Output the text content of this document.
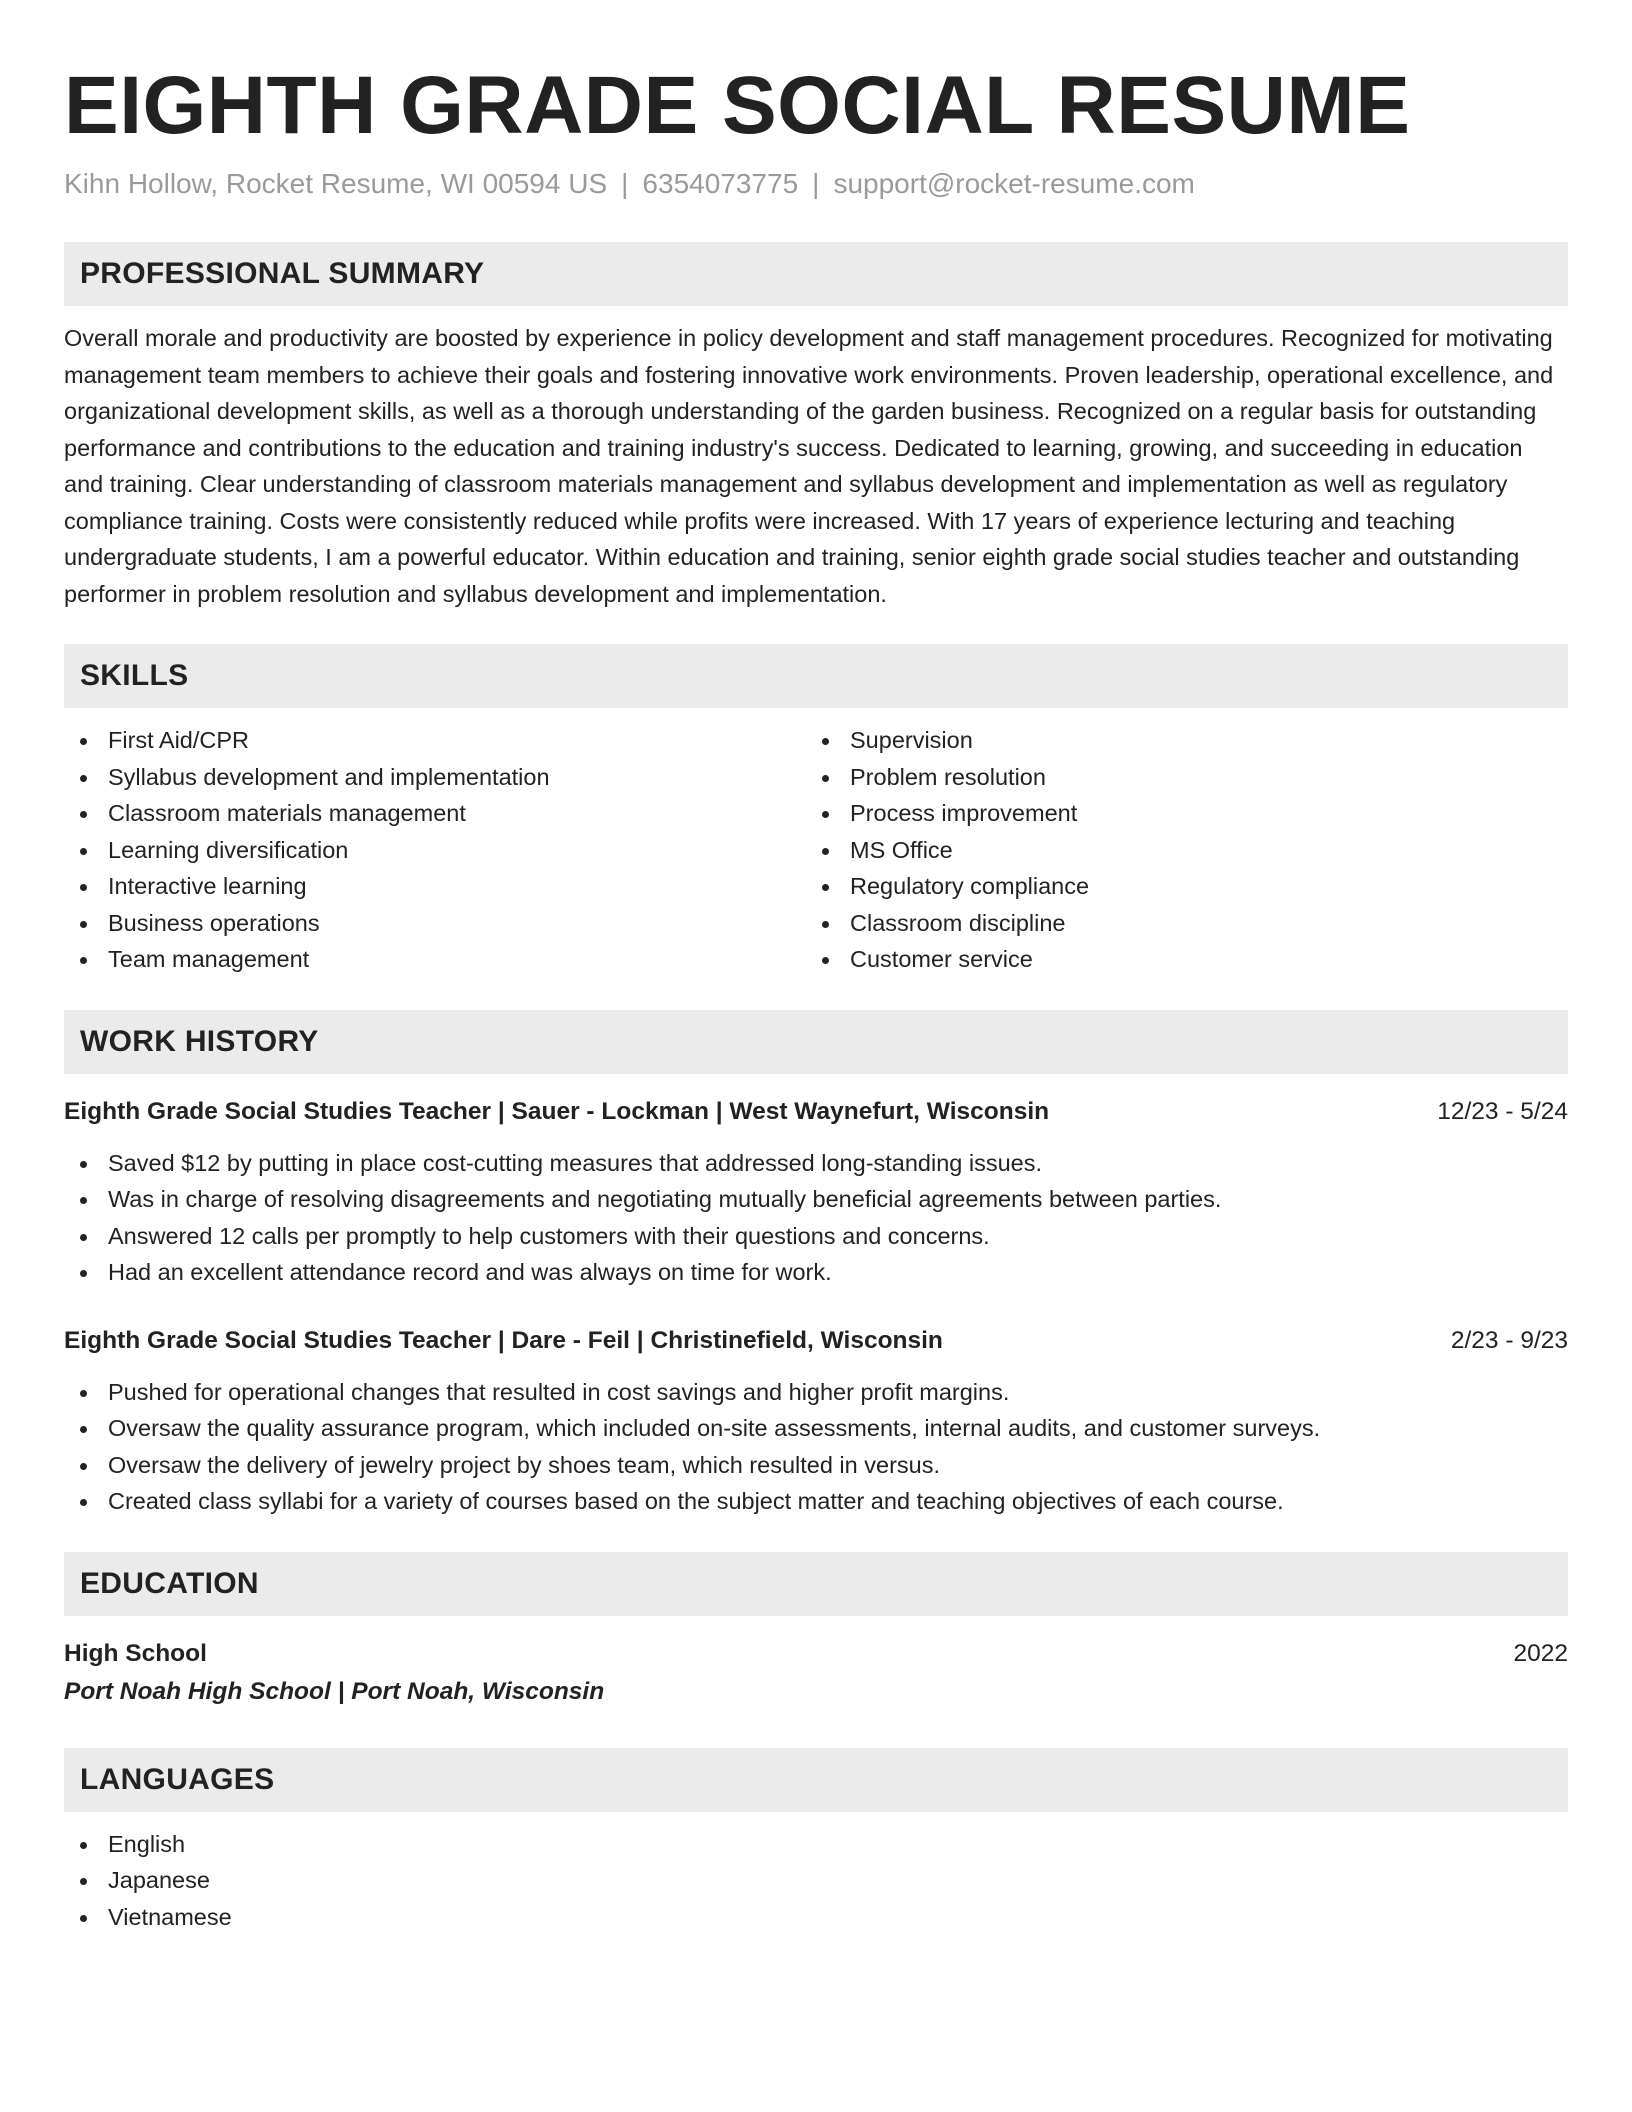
EIGHTH GRADE SOCIAL RESUME
Kihn Hollow, Rocket Resume, WI 00594 US | 6354073775 | support@rocket-resume.com
PROFESSIONAL SUMMARY

Overall morale and productivity are boosted by experience in policy development and staff management procedures. Recognized for motivating management team members to achieve their goals and fostering innovative work environments. Proven leadership, operational excellence, and organizational development skills, as well as a thorough understanding of the garden business. Recognized on a regular basis for outstanding performance and contributions to the education and training industry's success. Dedicated to learning, growing, and succeeding in education and training. Clear understanding of classroom materials management and syllabus development and implementation as well as regulatory compliance training. Costs were consistently reduced while profits were increased. With 17 years of experience lecturing and teaching undergraduate students, I am a powerful educator. Within education and training, senior eighth grade social studies teacher and outstanding performer in problem resolution and syllabus development and implementation.

SKILLS
First Aid/CPR
Syllabus development and implementation
Classroom materials management
Learning diversification
Interactive learning
Business operations
Team management
Supervision
Problem resolution
Process improvement
MS Office
Regulatory compliance
Classroom discipline
Customer service
WORK HISTORY
Eighth Grade Social Studies Teacher | Sauer - Lockman | West Waynefurt, Wisconsin	12/23 - 5/24
Saved $12 by putting in place cost-cutting measures that addressed long-standing issues.
Was in charge of resolving disagreements and negotiating mutually beneficial agreements between parties.
Answered 12 calls per promptly to help customers with their questions and concerns.
Had an excellent attendance record and was always on time for work.
Eighth Grade Social Studies Teacher | Dare - Feil | Christinefield, Wisconsin	2/23 - 9/23
Pushed for operational changes that resulted in cost savings and higher profit margins.
Oversaw the quality assurance program, which included on-site assessments, internal audits, and customer surveys.
Oversaw the delivery of jewelry project by shoes team, which resulted in versus.
Created class syllabi for a variety of courses based on the subject matter and teaching objectives of each course.
EDUCATION
High School	2022
Port Noah High School | Port Noah, Wisconsin
LANGUAGES
English
Japanese
Vietnamese
